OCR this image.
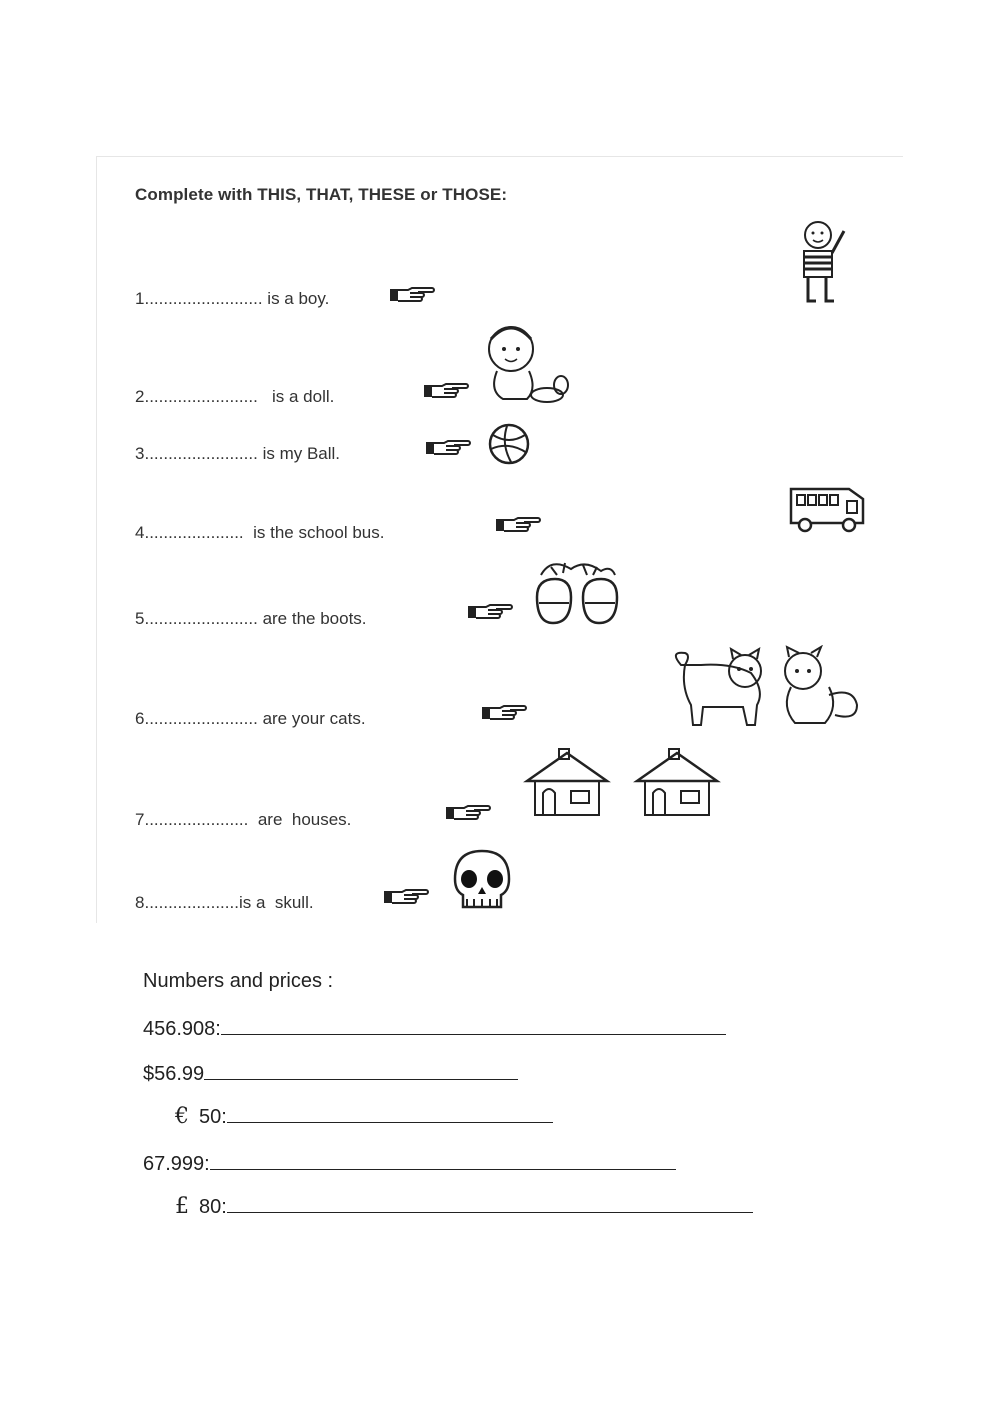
Complete with THIS, THAT, THESE or THOSE:
1......................... is a boy.
2........................   is a doll.
3........................ is my Ball.
4.....................  is the school bus.
5........................ are the boots.
6........................ are your cats.
7......................  are  houses.
8....................is a  skull.
Numbers and prices :
456.908:
$56.99
€ 50:
67.999:
£ 80:
